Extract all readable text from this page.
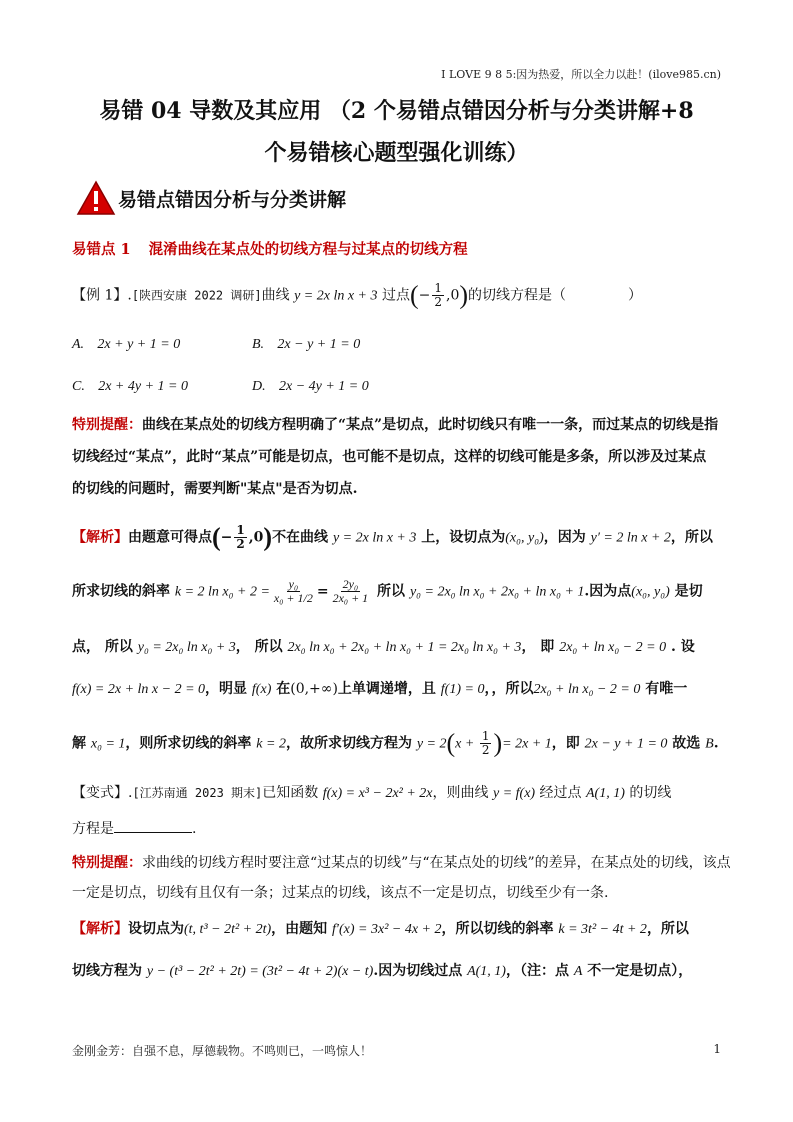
I LOVE 9 8 5:因为热爱，所以全力以赴！(ilove985.cn)
易错 04 导数及其应用 （2 个易错点错因分析与分类讲解+8
个易错核心题型强化训练）
易错点错因分析与分类讲解
易错点 1 混淆曲线在某点处的切线方程与过某点的切线方程
【例 1】.[陕西安康 2022 调研]曲线 y = 2x ln x + 3 过点(− $\frac{1}{2} ,0$)的切线方程是（	）
A. 2x + y + 1 = 0	B. 2x − y + 1 = 0
C. 2x + 4y + 1 = 0	D. 2x − 4y + 1 = 0
特别提醒：曲线在某点处的切线方程明确了“某点”是切点，此时切线只有唯一一条，而过某点的切线是指
切线经过“某点”，此时“某点”可能是切点，也可能不是切点，这样的切线可能是多条，所以涉及过某点
的切线的问题时，需要判断"某点"是否为切点.
【解析】由题意可得点(− $\frac{1}{2} ,0$)不在曲线 y = 2x ln x + 3 上，设切点为(x₀, y₀)，因为 y′ = 2 ln x + 2，所以
所求切线的斜率 k = 2 $\ln x_0 + 2 = \frac{\text{y₀}}{\text{x₀ + 1/2}} = \frac{\text{2y₀}}{\text{2x₀ + 1}}$ 所以 y₀ = 2x₀ ln x₀ + 2x₀ + ln x₀ + 1.因为点(x₀, y₀) 是切
点， 所以 y₀ = 2x₀ ln x₀ + 3， 所以 2x₀ ln x₀ + 2x₀ + ln x₀ + 1 = 2x₀ ln x₀ + 3， 即 2x₀ + ln x₀ − 2 = 0 . 设
f(x) = 2x + ln x − 2 = 0，明显 f(x) 在(0,+∞)上单调递增，且 f(1) = 0，，所以2x₀ + ln x₀ − 2 = 0 有唯一
解 x₀ = 1，则所求切线的斜率 k = 2，故所求切线方程为 $y = 2(x + \frac{1}{2}$ )= 2x + 1，即 2x − y + 1 = 0 故选 B.
【变式】.[江苏南通 2023 期末]已知函数 f(x) = x³ − 2x² + 2x，则曲线 y = f(x) 经过点 A(1, 1) 的切线
方程是	.
特别提醒：求曲线的切线方程时要注意“过某点的切线”与“在某点处的切线”的差异，在某点处的切线，该点
一定是切点，切线有且仅有一条；过某点的切线，该点不一定是切点，切线至少有一条.
【解析】设切点为(t, t³ − 2t² + 2t)，由题知 f′(x) = 3x² − 4x + 2，所以切线的斜率 k = 3t² − 4t + 2，所以
切线方程为 y − (t³ − 2t² + 2t) = (3t² − 4t + 2)(x − t).因为切线过点 A(1, 1)，（注：点 A 不一定是切点），
金刚金芳：自强不息，厚德载物。不鸣则已，一鸣惊人！	1
